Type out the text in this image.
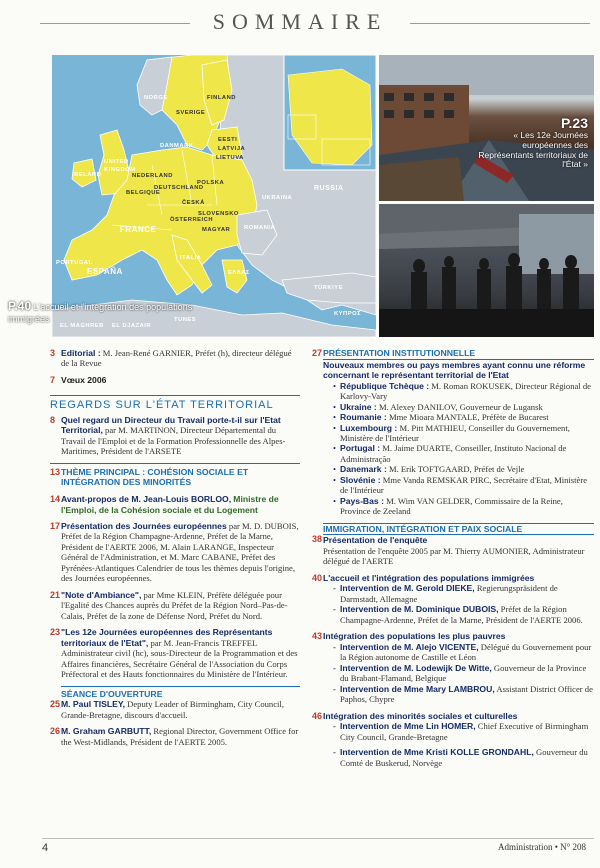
SOMMAIRE
FINLAND
NORGE
SVERIGE
EESTI
LATVIJA
LIETUVA
DANMARK
IRELAND
UNITED
KINGDOM
NEDERLAND
BELGIQUE
DEUTSCHLAND
POLSKA
ČESKÁ
SLOVENSKO
ÖSTERREICH
MAGYAR
FRANCE
PORTUGAL
ESPAÑA
ITALIA
ROMANIA
UKRAINA
RUSSIA
TÜRKIYE
ΕΛΛΑΣ
EL MAGHREB EL DJAZAIR
TUNES
KΥΠΡΟΣ
P.23
« Les 12e Journées européennes des Représentants territoriaux de l'État »
P.40 L'accueil et l'intégration des populations immigrées
3 Editorial : M. Jean-René GARNIER, Préfet (h), directeur délégué de la Revue
7 Vœux 2006
REGARDS SUR L'ÉTAT TERRITORIAL
8 Quel regard un Directeur du Travail porte-t-il sur l'Etat Territorial, par M. MARTINON, Directeur Départemental du Travail de l'Emploi et de la Formation Professionnelle des Alpes-Maritimes, Président de l'ARSETE
13 THÈME PRINCIPAL : COHÉSION SOCIALE ET INTÉGRATION DES MINORITÉS
14 Avant-propos de M. Jean-Louis BORLOO, Ministre de l'Emploi, de la Cohésion sociale et du Logement
17 Présentation des Journées européennes par M. D. DUBOIS, Préfet de la Région Champagne-Ardenne, Préfet de la Marne, Président de l'AERTE 2006, M. Alain LARANGE, Inspecteur Général de l'Administration, et M. Marc CABANE, Préfet des Pyrénées-Atlantiques Calendrier de tous les thèmes depuis l'origine, des Journées européennes.
21 "Note d'Ambiance", par Mme KLEIN, Préfète déléguée pour l'Egalité des Chances auprès du Préfet de la Région Nord–Pas-de-Calais, Préfet de la zone de Défense Nord, Préfet du Nord.
23 "Les 12e Journées européennes des Représentants territoriaux de l'Etat", par M. Jean-Francis TREFFEL Administrateur civil (hc), sous-Directeur de la Programmation et des Affaires financières, Secrétaire Général de l'Association du Corps Préfectoral et des Hauts fonctionnaires du Ministère de l'Intérieur.
SÉANCE D'OUVERTURE
25 M. Paul TISLEY, Deputy Leader of Birmingham, City Council, Grande-Bretagne, discours d'accueil.
26 M. Graham GARBUTT, Regional Director, Government Office for the West-Midlands, Président de l'AERTE 2005.
27 PRÉSENTATION INSTITUTIONNELLE
Nouveaux membres ou pays membres ayant connu une réforme concernant le représentant territorial de l'Etat
• République Tchèque : M. Roman ROKUSEK, Directeur Régional de Karlovy-Vary
• Ukraine : M. Alexey DANILOV, Gouverneur de Lugansk
• Roumanie : Mme Mioara MANTALE, Préfète de Bucarest
• Luxembourg : M. Pitt MATHIEU, Conseiller du Gouvernement, Ministère de l'Intérieur
• Portugal : M. Jaime DUARTE, Conseiller, Instituto Nacional de Administração
• Danemark : M. Erik TOFTGAARD, Préfet de Vejle
• Slovénie : Mme Vanda REMSKAR PIRC, Secrétaire d'Etat, Ministère de l'Intérieur
• Pays-Bas : M. Wim VAN GELDER, Commissaire de la Reine, Province de Zeeland
38
IMMIGRATION, INTÉGRATION ET PAIX SOCIALE
Présentation de l'enquête
Présentation de l'enquête 2005 par M. Thierry AUMONIER, Administrateur délégué de l'AERTE
40 L'accueil et l'intégration des populations immigrées
- Intervention de M. Gerold DIEKE, Regierungspräsident de Darmstadt, Allemagne
- Intervention de M. Dominique DUBOIS, Préfet de la Région Champagne-Ardenne, Préfet de la Marne, Président de l'AERTE 2006.
43 Intégration des populations les plus pauvres
- Intervention de M. Alejo VICENTE, Délégué du Gouvernement pour la Région autonome de Castille et Léon
- Intervention de M. Lodewijk De Witte, Gouverneur de la Province du Brabant-Flamand, Belgique
- Intervention de Mme Mary LAMBROU, Assistant District Officer de Paphos, Chypre
46 Intégration des minorités sociales et culturelles
- Intervention de Mme Lin HOMER, Chief Executive of Birmingham City Council, Grande-Bretagne
- Intervention de Mme Kristi KOLLE GRONDAHL, Gouverneur du Comté de Buskerud, Norvège
4	Administration • N° 208
